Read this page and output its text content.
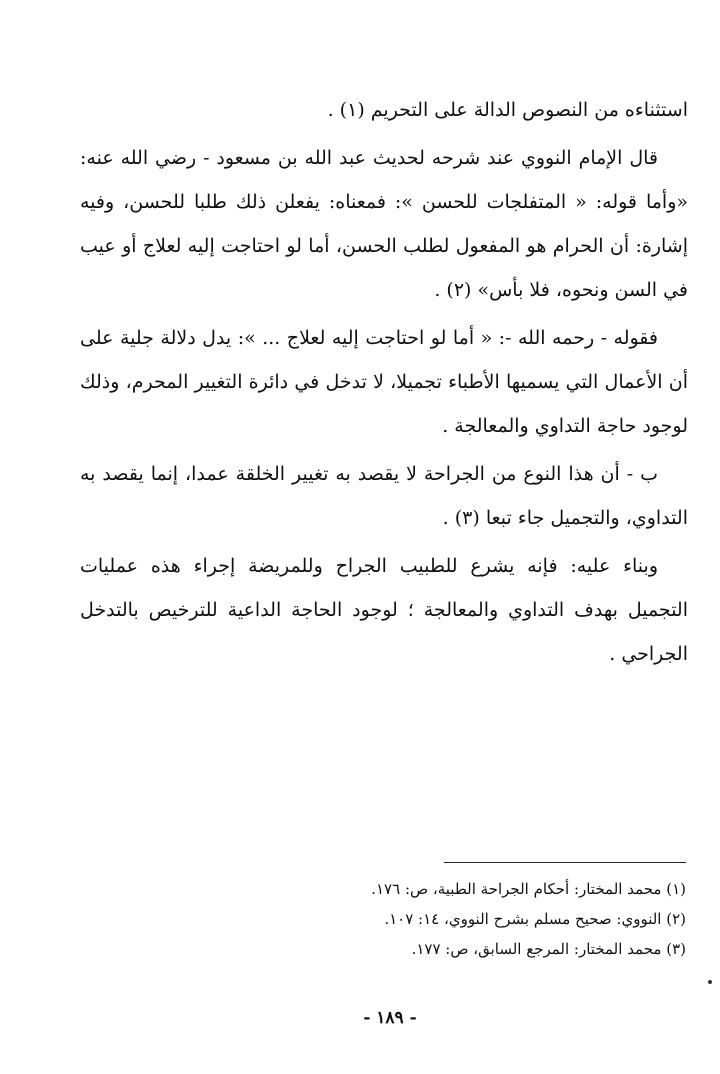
استثناءه من النصوص الدالة على التحريم (١) .

قال الإمام النووي عند شرحه لحديث عبد الله بن مسعود - رضي الله عنه: «وأما قوله: « المتفلجات للحسن »: فمعناه: يفعلن ذلك طلبا للحسن، وفيه إشارة: أن الحرام هو المفعول لطلب الحسن، أما لو احتاجت إليه لعلاج أو عيب في السن ونحوه، فلا بأس» (٢) .

فقوله - رحمه الله -: « أما لو احتاجت إليه لعلاج ... »: يدل دلالة جلية على أن الأعمال التي يسميها الأطباء تجميلا، لا تدخل في دائرة التغيير المحرم، وذلك لوجود حاجة التداوي والمعالجة .

ب - أن هذا النوع من الجراحة لا يقصد به تغيير الخلقة عمدا، إنما يقصد به التداوي، والتجميل جاء تبعا (٣) .

وبناء عليه: فإنه يشرع للطبيب الجراح وللمريضة إجراء هذه عمليات التجميل بهدف التداوي والمعالجة ؛ لوجود الحاجة الداعية للترخيص بالتدخل الجراحي .

(١) محمد المختار: أحكام الجراحة الطبية، ص: ١٧٦.

(٢) النووي: صحيح مسلم بشرح النووي، ١٤: ١٠٧.

(٣) محمد المختار: المرجع السابق، ص: ١٧٧.

- ١٨٩ -
